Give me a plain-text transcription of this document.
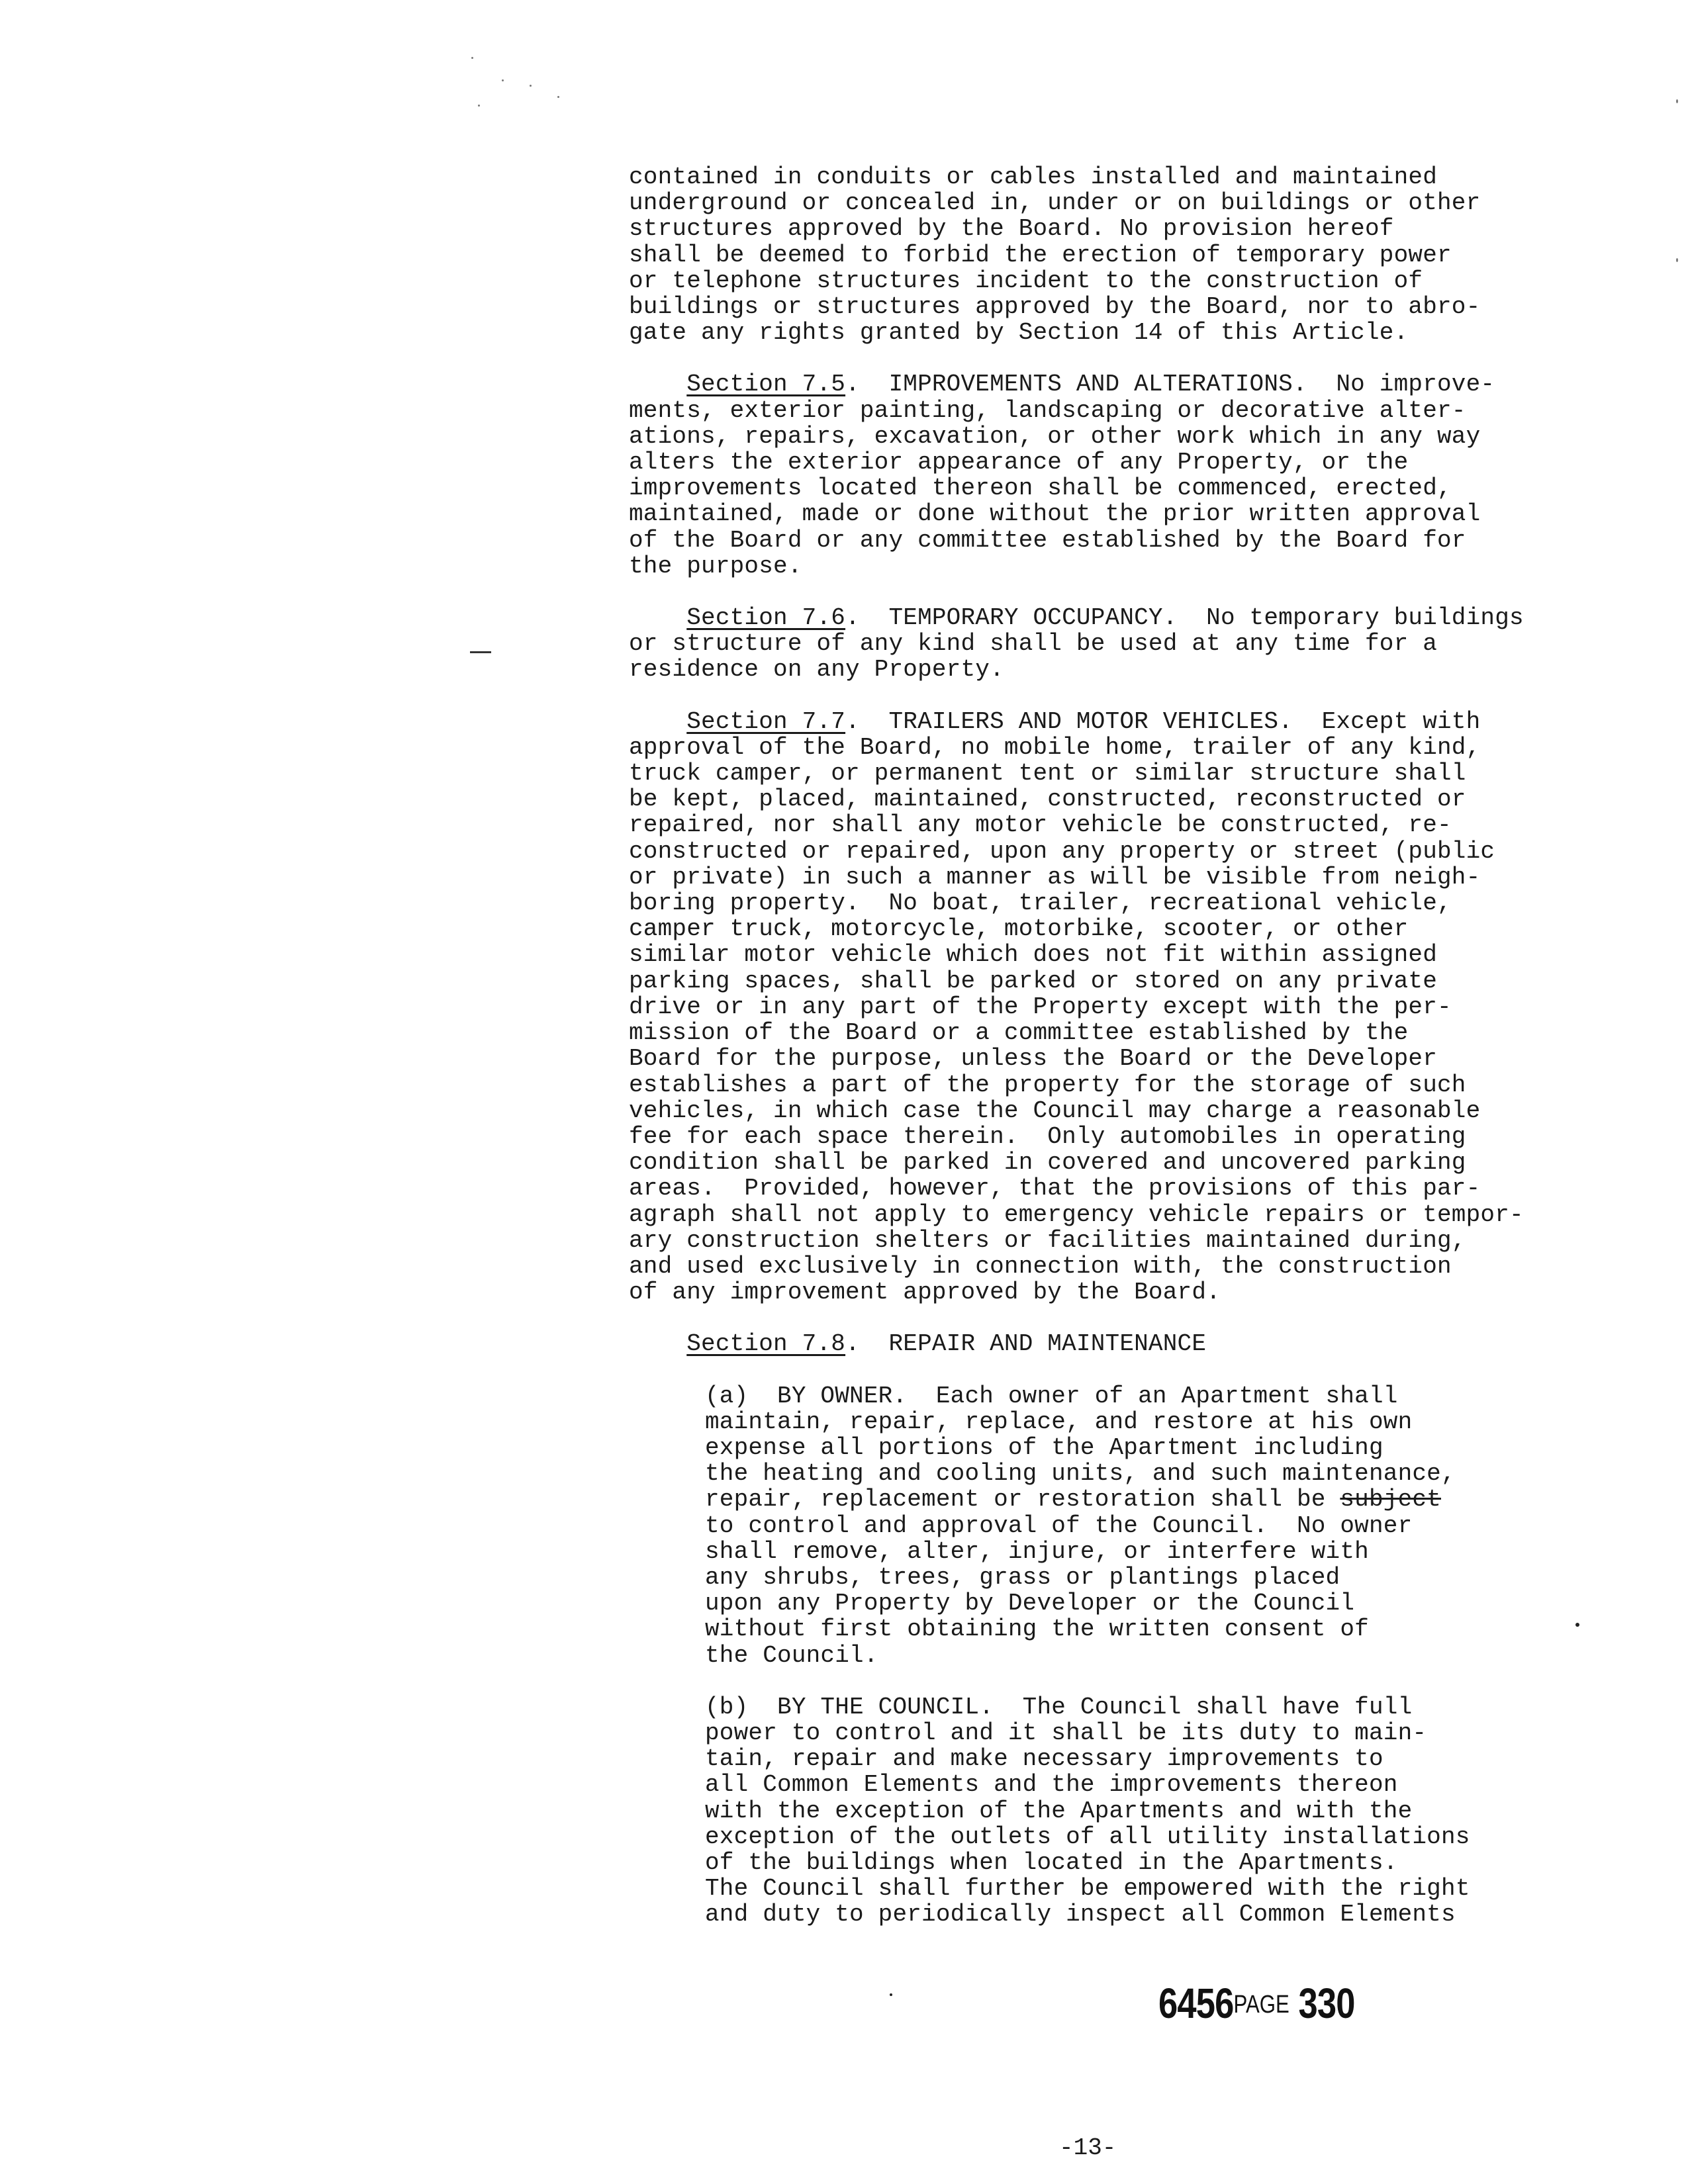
contained in conduits or cables installed and maintained
underground or concealed in, under or on buildings or other
structures approved by the Board. No provision hereof
shall be deemed to forbid the erection of temporary power
or telephone structures incident to the construction of
buildings or structures approved by the Board, nor to abro-
gate any rights granted by Section 14 of this Article.

Section 7.5.  IMPROVEMENTS AND ALTERATIONS.  No improve-

ments, exterior painting, landscaping or decorative alter-
ations, repairs, excavation, or other work which in any way
alters the exterior appearance of any Property, or the
improvements located thereon shall be commenced, erected,
maintained, made or done without the prior written approval
of the Board or any committee established by the Board for
the purpose.

Section 7.6.  TEMPORARY OCCUPANCY.  No temporary buildings

or structure of any kind shall be used at any time for a
residence on any Property.

Section 7.7.  TRAILERS AND MOTOR VEHICLES.  Except with

approval of the Board, no mobile home, trailer of any kind,
truck camper, or permanent tent or similar structure shall
be kept, placed, maintained, constructed, reconstructed or
repaired, nor shall any motor vehicle be constructed, re-
constructed or repaired, upon any property or street (public
or private) in such a manner as will be visible from neigh-
boring property.  No boat, trailer, recreational vehicle,
camper truck, motorcycle, motorbike, scooter, or other
similar motor vehicle which does not fit within assigned
parking spaces, shall be parked or stored on any private
drive or in any part of the Property except with the per-
mission of the Board or a committee established by the
Board for the purpose, unless the Board or the Developer
establishes a part of the property for the storage of such
vehicles, in which case the Council may charge a reasonable
fee for each space therein.  Only automobiles in operating
condition shall be parked in covered and uncovered parking
areas.  Provided, however, that the provisions of this par-
agraph shall not apply to emergency vehicle repairs or tempor-
ary construction shelters or facilities maintained during,
and used exclusively in connection with, the construction
of any improvement approved by the Board.

Section 7.8.  REPAIR AND MAINTENANCE

(a)  BY OWNER.  Each owner of an Apartment shall

maintain, repair, replace, and restore at his own

expense all portions of the Apartment including

the heating and cooling units, and such maintenance,

repair, replacement or restoration shall be subject

to control and approval of the Council.  No owner
shall remove, alter, injure, or interfere with
any shrubs, trees, grass or plantings placed
upon any Property by Developer or the Council
without first obtaining the written consent of
the Council.

(b)  BY THE COUNCIL.  The Council shall have full
power to control and it shall be its duty to main-
tain, repair and make necessary improvements to
all Common Elements and the improvements thereon
with the exception of the Apartments and with the
exception of the outlets of all utility installations
of the buildings when located in the Apartments.
The Council shall further be empowered with the right
and duty to periodically inspect all Common Elements

6456PAGE 330
-13-
